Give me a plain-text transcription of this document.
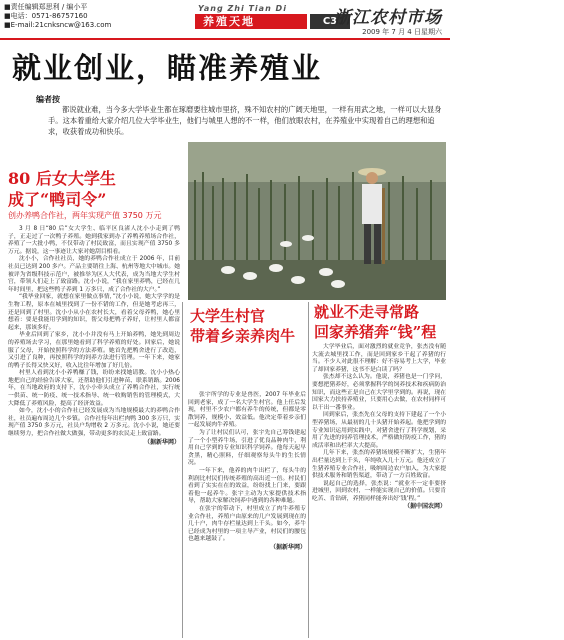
■责任编辑郑思利 / 编小平
■电话：0571-86757160
■E-mail:21cnksncw@163.com
Yang Zhi Tian Di
养殖天地	C3
浙江农村市场
2009 年 7 月 4 日星期六
就业创业，瞄准养殖业
编者按
都说就业难，当今多大学毕业生都在琢磨要往城市里挤，殊不知农村的广阔天地里，一样有用武之地，一样可以大显身手。这本着重给大家介绍几位大学毕业生，他们与城里人想的不一样，他们放眼农村，在养殖业中实现着自己的理想和追求，收获着成功和快乐。
养鸭青年 宋剑锋 摄
80 后女大学生
成了“鸭司令”
创办养鸭合作社，两年实现产值 3750 万元

3 月 8 日“80 后”女大学生、临平区良渚人沈小小走到了鸭子，正走过了一次鸭子养殖。她到我家到办了养鸭养殖场合作社，养殖了一大批小鸭，不仅带动了村民致富，而且实现产值 3750 多万元。据说，这一事迹让大家对她刮目相看。

沈小小，合作社社员，她的养鸭合作社成立于 2006 年，目前社员已达到 200 多户。产品主要销往上海、杭州等地大中城市。她被评为省级科技示范户，被推举为区人大代表，成为当地大学生村官，带领人们走上了致富路。沈小小说，“我在家里养鸭，已经在几年时间里，把这些鸭子养到 1 万多只，成了合作社的大户。”

“我毕业回家，就想在家里做点事情，”沈小小说，她大学学的是生物工程，原本在城里找到了一份不错的工作，但是她考虑再三，还是回到了村里。沈小小从小在农村长大，看着父母养鸭，她心里想着：要是我能用学到的知识，帮父母把鸭子养好，让村里人都富起来，那该多好。

毕业后回到了家乡，沈小小并没有马上开始养鸭，她先到周边的养殖场去学习，在那里她看到了科学养殖的好处。回家后，她说服了父母，开始按照科学的方法养殖。她首先把鸭舍进行了改造，又引进了良种，再按照科学的饲养方法进行管理。一年下来，她家的鸭子长得又快又好，收入比往年增加了好几倍。

村里人看到沈小小养鸭赚了钱，纷纷来找她请教。沈小小热心地把自己的经验告诉大家，还帮助他们引进种苗、联系销路。2006 年，在当地政府的支持下，沈小小牵头成立了养鸭合作社，实行统一供苗、统一防疫、统一技术指导、统一收购销售的管理模式，大大降低了养殖风险，提高了经济效益。

如今，沈小小的合作社已经发展成为当地规模最大的养鸭合作社，社员遍布周边几个乡镇。合作社每年出栏肉鸭 300 多万只，实现产值 3750 多万元，社员户均增收 2 万多元。沈小小说，她还要继续努力，把合作社做大做强，带动更多的农民走上致富路。

（据新华网）
大学生村官
带着乡亲养肉牛

张宇所学的专业是兽医，2007 年毕业后回到老家，成了一名大学生村官。他上任后发现，村里不少农户都有养牛的传统，但都是零散饲养，规模小、效益低。他决定带着乡亲们一起发展肉牛养殖。

为了让村民们认可，张宇先自己筹钱建起了一个小型养牛场，引进了优良品种肉牛，利用自己学到的专业知识科学饲养。他每天起早贪黑，精心照料，仔细观察每头牛的生长情况。

一年下来，他养的肉牛出栏了，每头牛的利润比村民们传统养殖的高出近一倍。村民们看到了实实在在的效益，纷纷找上门来，要跟着他一起养牛。张宇主动为大家提供技术指导，帮助大家解决饲养中遇到的各种难题。

在张宇的带动下，村里成立了肉牛养殖专业合作社，养殖户由原来的几户发展到现在的几十户，肉牛存栏量达到上千头。如今，养牛已经成为村里的一项主导产业，村民们的腰包也越来越鼓了。

（据新华网）
就业不走寻常路
回家养猪奔“钱”程

大学毕业后，面对激烈的就业竞争，张杰没有随大流去城里找工作，而是回到家乡干起了养猪的行当。不少人对此很不理解：好不容易考上大学，毕业了却回家养猪，这书不是白读了吗？

张杰却不这么认为。他说，养猪也是一门学问，要想把猪养好，必须掌握科学的饲养技术和疾病防治知识，而这些正是自己在大学里学到的。再说，现在国家大力扶持养殖业，只要用心去做，在农村同样可以干出一番事业。

回到家后，张杰先在父母的支持下建起了一个小型养猪场，从最初的几十头猪开始养起。他把学到的专业知识运用到实践中，对猪舍进行了科学规划，采用了先进的饲养管理技术，严格做好防疫工作，猪的成活率和出栏率大大提高。

几年下来，张杰的养猪场规模不断扩大，生猪年出栏量达到上千头，年纯收入几十万元。他还成立了生猪养殖专业合作社，吸纳周边农户加入，为大家提供技术服务和销售渠道，带动了一方百姓致富。

说起自己的选择，张杰说：“就业不一定非要挤进城里，回到农村，一样能实现自己的价值。只要肯吃苦、肯钻研，养猪同样能奔出好‘钱’程。”

（据中国农网）
